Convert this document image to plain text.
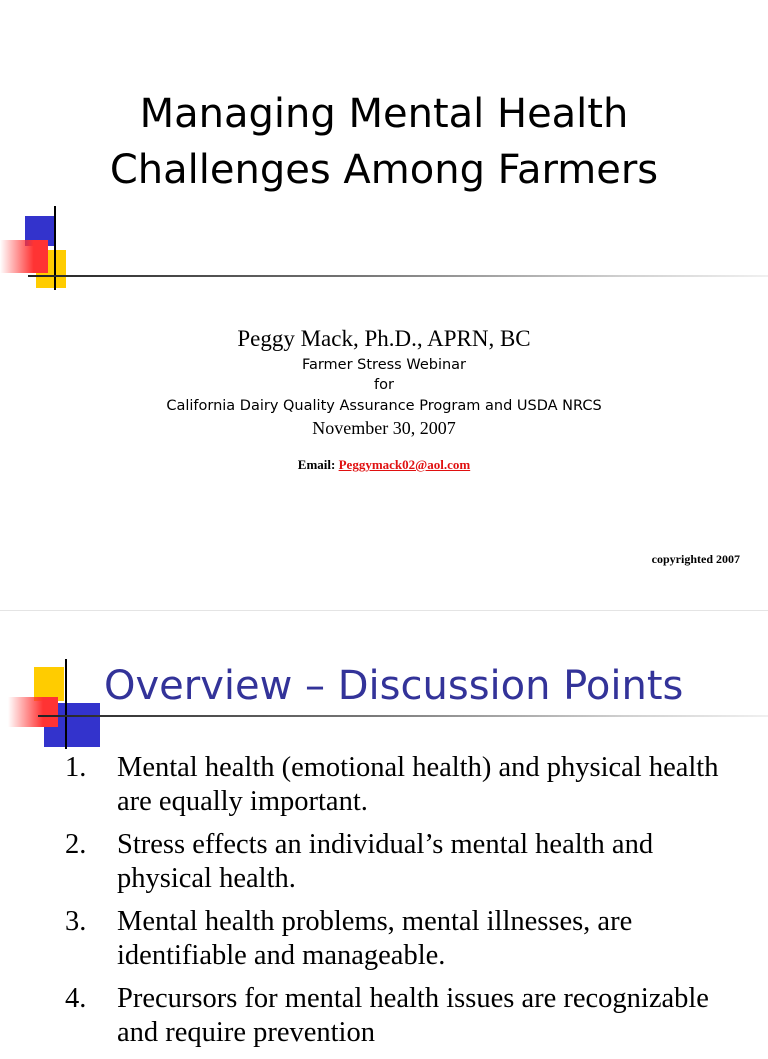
Managing Mental Health
Challenges Among Farmers
Peggy Mack, Ph.D., APRN, BC
Farmer Stress Webinar
for
California Dairy Quality Assurance Program and USDA NRCS
November 30, 2007
Email: Peggymack02@aol.com
copyrighted 2007
Overview – Discussion Points
1. Mental health (emotional health) and physical health are equally important.
2. Stress effects an individual’s mental health and physical health.
3. Mental health problems, mental illnesses, are identifiable and manageable.
4. Precursors for mental health issues are recognizable and require prevention
